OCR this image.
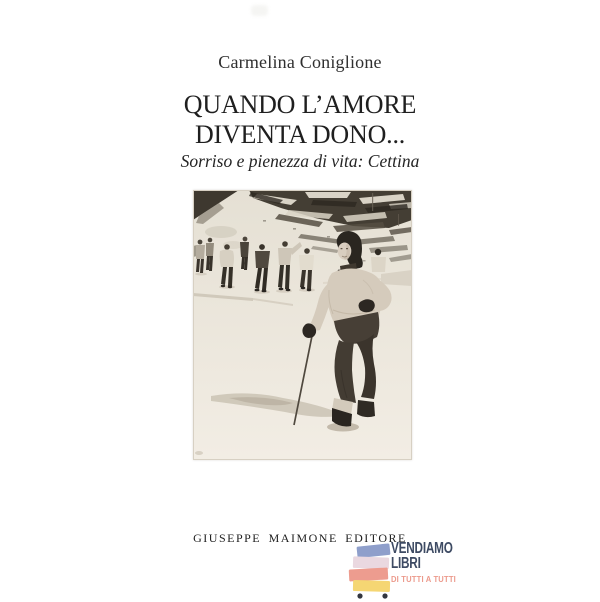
Carmelina Coniglione
QUANDO L’AMORE
DIVENTA DONO...
Sorriso e pienezza di vita: Cettina
GIUSEPPE MAIMONE EDITORE
VENDIAMO
LIBRI
DI TUTTI A TUTTI
